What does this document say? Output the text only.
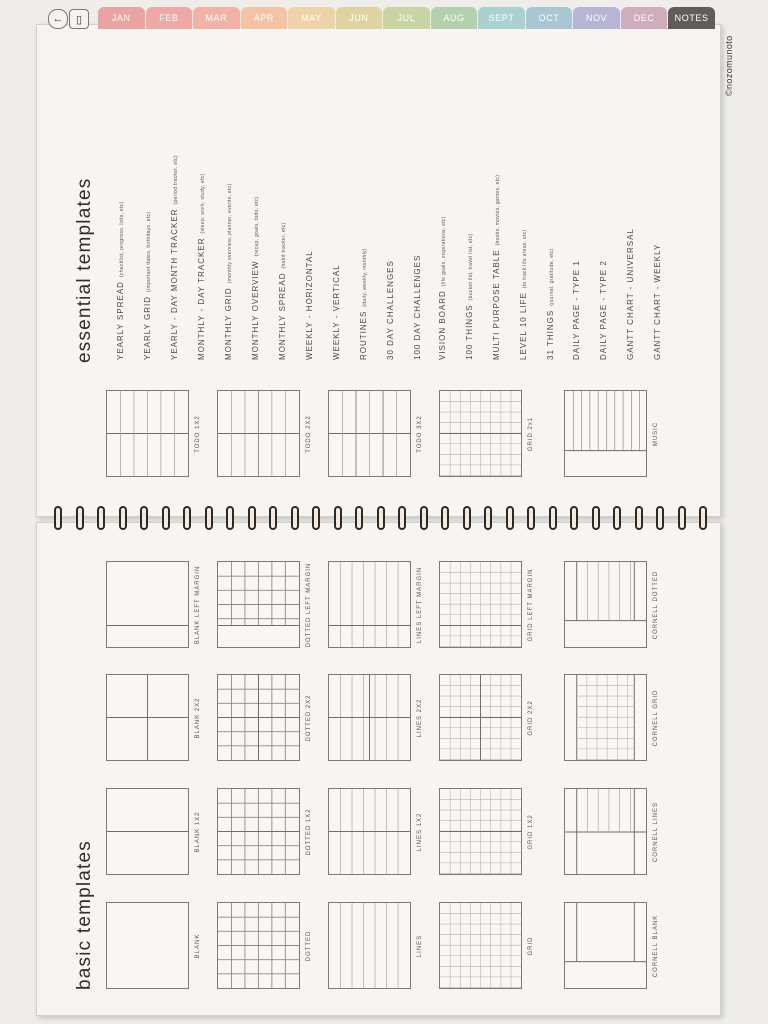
← ▯	JAN	FEB	MAR	APR	MAY	JUN	JUL	AUG	SEPT	OCT	NOV	DEC	NOTES
©nozomunoto
essential templates	YEARLY SPREAD(checklist, progress, lists, etc)
YEARLY GRID(important dates, birthdays, etc) YEARLY - DAY MONTH TRACKER(period tracker, etc)
MONTHLY - DAY TRACKER(sleep, work, study, etc)
MONTHLY GRID(monthly overview, planner, events, etc)
MONTHLY OVERVIEW(recap, goals, todo, etc)
MONTHLY SPREAD(habit tracker, etc)
WEEKLY - HORIZONTAL WEEKLY - VERTICAL ROUTINES(daily, weekly, monthly) 30 DAY CHALLENGES 100 DAY CHALLENGES VISION BOARD(life goals, inspirations, etc)
100 THINGS(bucket list, travel list, etc) MULTI PURPOSE TABLE(books, movies, games, etc)
LEVEL 10 LIFE(to track life areas, etc)
31 THINGS(journal, gratitude, etc) DAILY PAGE - TYPE 1 DAILY PAGE - TYPE 2 GANTT CHART - UNIVERSAL GANTT CHART - WEEKLY
TODO 1X2	TODO 2X2	TODO 3X2	GRID 2x1	MUSIC
basic templates	BLANK
BLANK 1X2
BLANK 2X2
BLANK LEFT MARGIN
DOTTED
DOTTED 1X2
DOTTED 2X2
DOTTED LEFT MARGIN
LINES
LINES 1X2
LINES 2X2
LINES LEFT MARGIN
GRID
GRID 1X2
GRID 2X2
GRID LEFT MARGIN
CORNELL BLANK
CORNELL LINES
CORNELL GRID
CORNELL DOTTED
